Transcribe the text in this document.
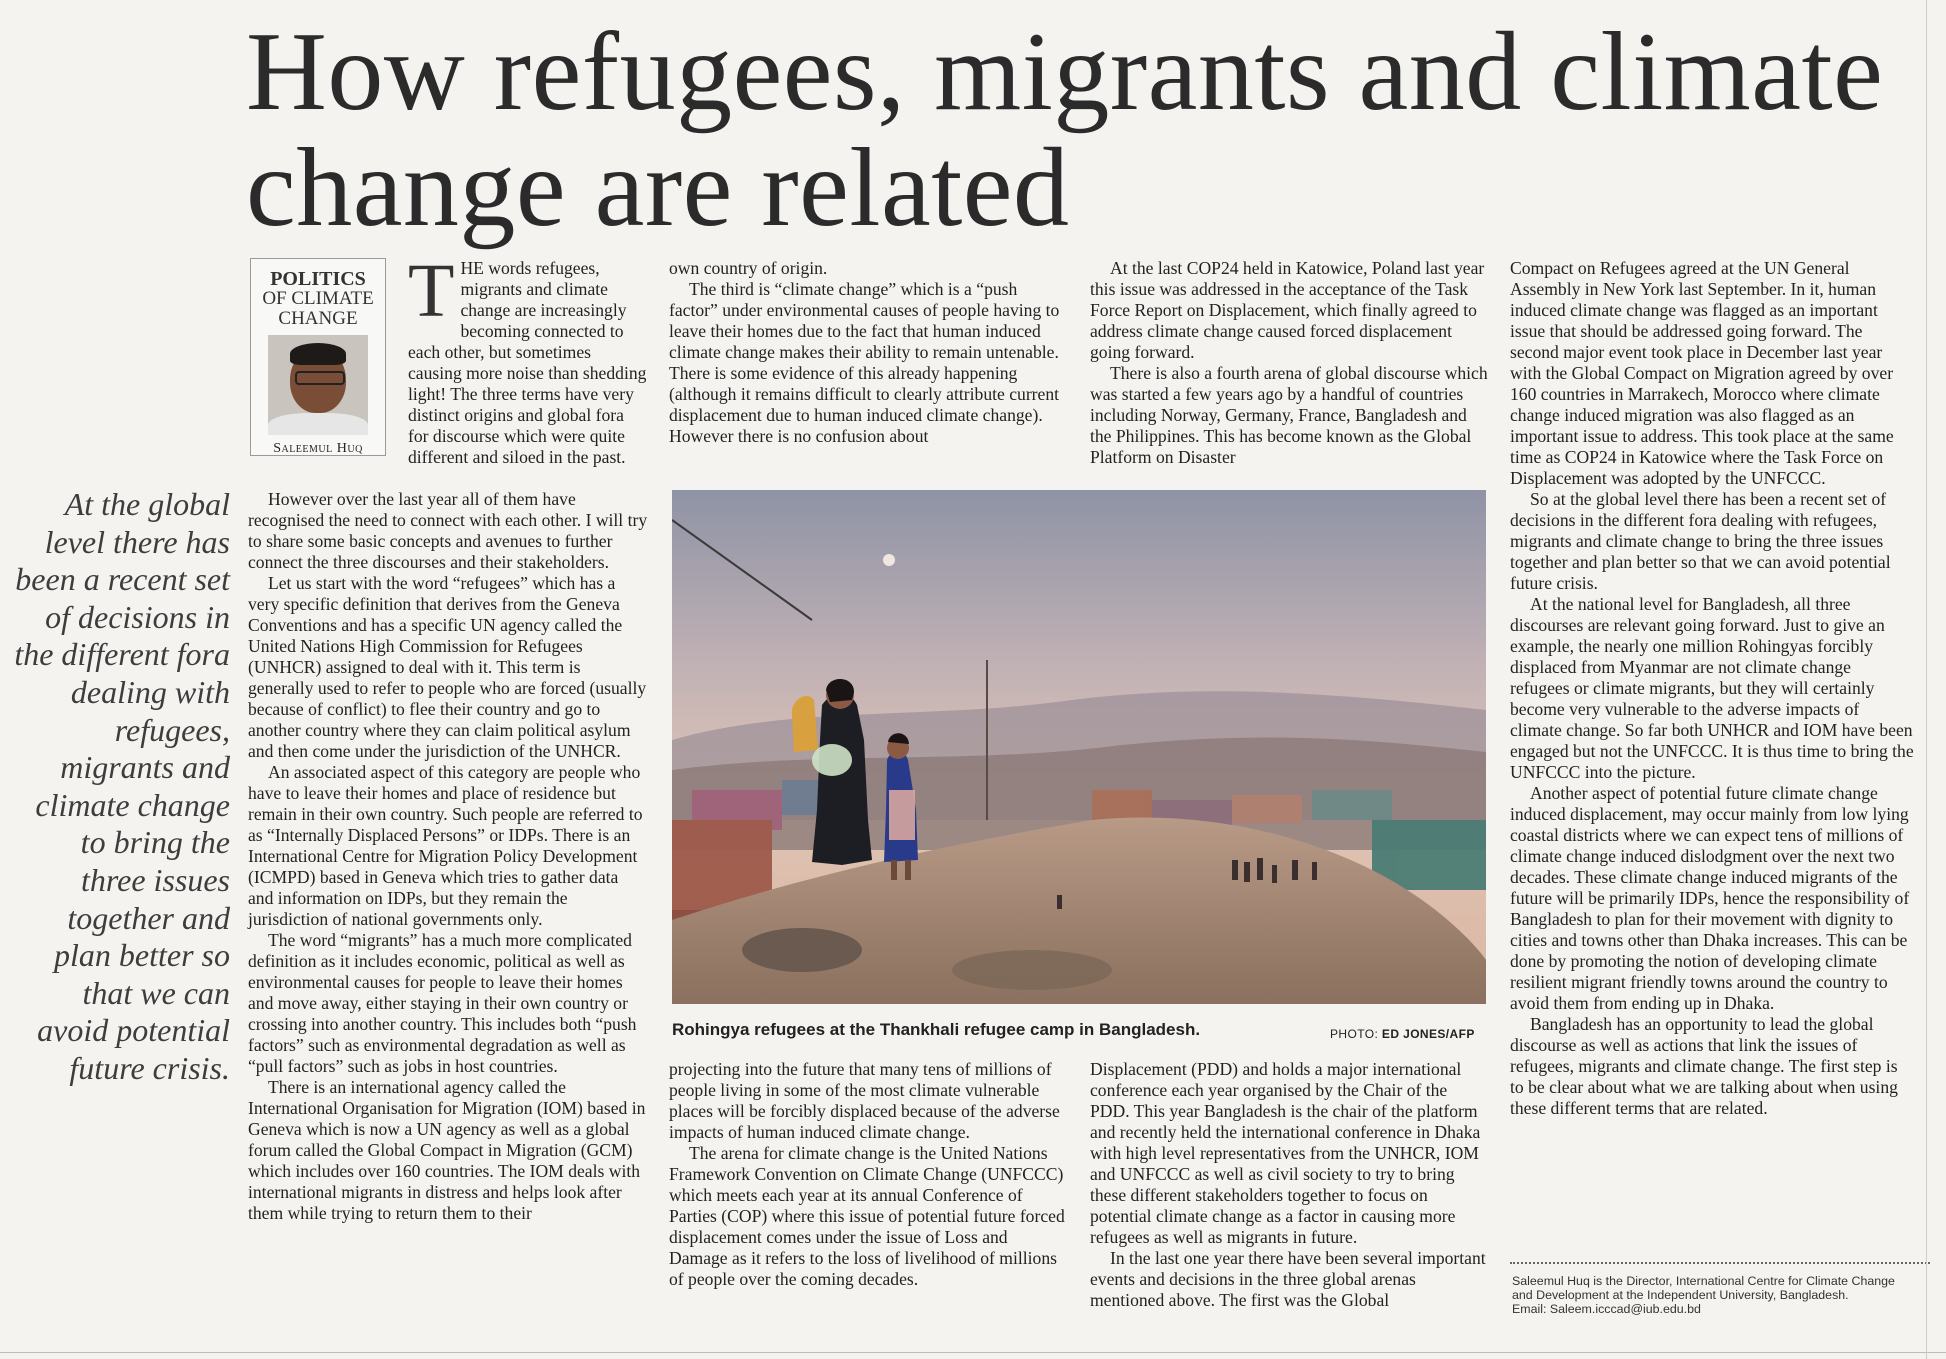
How refugees, migrants and climate change are related
POLITICS
OF CLIMATE
CHANGE
Saleemul Huq

THE words refugees, migrants and climate change are increasingly becoming connected to each other, but sometimes causing more noise than shedding light! The three terms have very distinct origins and global fora for discourse which were quite different and siloed in the past.

However over the last year all of them have recognised the need to connect with each other. I will try to share some basic concepts and avenues to further connect the three discourses and their stakeholders.

Let us start with the word “refugees” which has a very specific definition that derives from the Geneva Conventions and has a specific UN agency called the United Nations High Commission for Refugees (UNHCR) assigned to deal with it. This term is generally used to refer to people who are forced (usually because of conflict) to flee their country and go to another country where they can claim political asylum and then come under the jurisdiction of the UNHCR.

An associated aspect of this category are people who have to leave their homes and place of residence but remain in their own country. Such people are referred to as “Internally Displaced Persons” or IDPs. There is an International Centre for Migration Policy Development (ICMPD) based in Geneva which tries to gather data and information on IDPs, but they remain the jurisdiction of national governments only.

The word “migrants” has a much more complicated definition as it includes economic, political as well as environmental causes for people to leave their homes and move away, either staying in their own country or crossing into another country. This includes both “push factors” such as environmental degradation as well as “pull factors” such as jobs in host countries.

There is an international agency called the International Organisation for Migration (IOM) based in Geneva which is now a UN agency as well as a global forum called the Global Compact in Migration (GCM) which includes over 160 countries. The IOM deals with international migrants in distress and helps look after them while trying to return them to their

At the global level there has been a recent set of decisions in the different fora dealing with refugees, migrants and climate change to bring the three issues together and plan better so that we can avoid potential future crisis.

own country of origin.

The third is “climate change” which is a “push factor” under environmental causes of people having to leave their homes due to the fact that human induced climate change makes their ability to remain untenable. There is some evidence of this already happening (although it remains difficult to clearly attribute current displacement due to human induced climate change). However there is no confusion about

At the last COP24 held in Katowice, Poland last year this issue was addressed in the acceptance of the Task Force Report on Displacement, which finally agreed to address climate change caused forced displacement going forward.

There is also a fourth arena of global discourse which was started a few years ago by a handful of countries including Norway, Germany, France, Bangladesh and the Philippines. This has become known as the Global Platform on Disaster

Rohingya refugees at the Thankhali refugee camp in Bangladesh.	PHOTO: ED JONES/AFP

projecting into the future that many tens of millions of people living in some of the most climate vulnerable places will be forcibly displaced because of the adverse impacts of human induced climate change.

The arena for climate change is the United Nations Framework Convention on Climate Change (UNFCCC) which meets each year at its annual Conference of Parties (COP) where this issue of potential future forced displacement comes under the issue of Loss and Damage as it refers to the loss of livelihood of millions of people over the coming decades.

Displacement (PDD) and holds a major international conference each year organised by the Chair of the PDD. This year Bangladesh is the chair of the platform and recently held the international conference in Dhaka with high level representatives from the UNHCR, IOM and UNFCCC as well as civil society to try to bring these different stakeholders together to focus on potential climate change as a factor in causing more refugees as well as migrants in future.

In the last one year there have been several important events and decisions in the three global arenas mentioned above. The first was the Global

Compact on Refugees agreed at the UN General Assembly in New York last September. In it, human induced climate change was flagged as an important issue that should be addressed going forward. The second major event took place in December last year with the Global Compact on Migration agreed by over 160 countries in Marrakech, Morocco where climate change induced migration was also flagged as an important issue to address. This took place at the same time as COP24 in Katowice where the Task Force on Displacement was adopted by the UNFCCC.

So at the global level there has been a recent set of decisions in the different fora dealing with refugees, migrants and climate change to bring the three issues together and plan better so that we can avoid potential future crisis.

At the national level for Bangladesh, all three discourses are relevant going forward. Just to give an example, the nearly one million Rohingyas forcibly displaced from Myanmar are not climate change refugees or climate migrants, but they will certainly become very vulnerable to the adverse impacts of climate change. So far both UNHCR and IOM have been engaged but not the UNFCCC. It is thus time to bring the UNFCCC into the picture.

Another aspect of potential future climate change induced displacement, may occur mainly from low lying coastal districts where we can expect tens of millions of climate change induced dislodgment over the next two decades. These climate change induced migrants of the future will be primarily IDPs, hence the responsibility of Bangladesh to plan for their movement with dignity to cities and towns other than Dhaka increases. This can be done by promoting the notion of developing climate resilient migrant friendly towns around the country to avoid them from ending up in Dhaka.

Bangladesh has an opportunity to lead the global discourse as well as actions that link the issues of refugees, migrants and climate change. The first step is to be clear about what we are talking about when using these different terms that are related.

Saleemul Huq is the Director, International Centre for Climate Change and Development at the Independent University, Bangladesh.
Email: Saleem.icccad@iub.edu.bd
